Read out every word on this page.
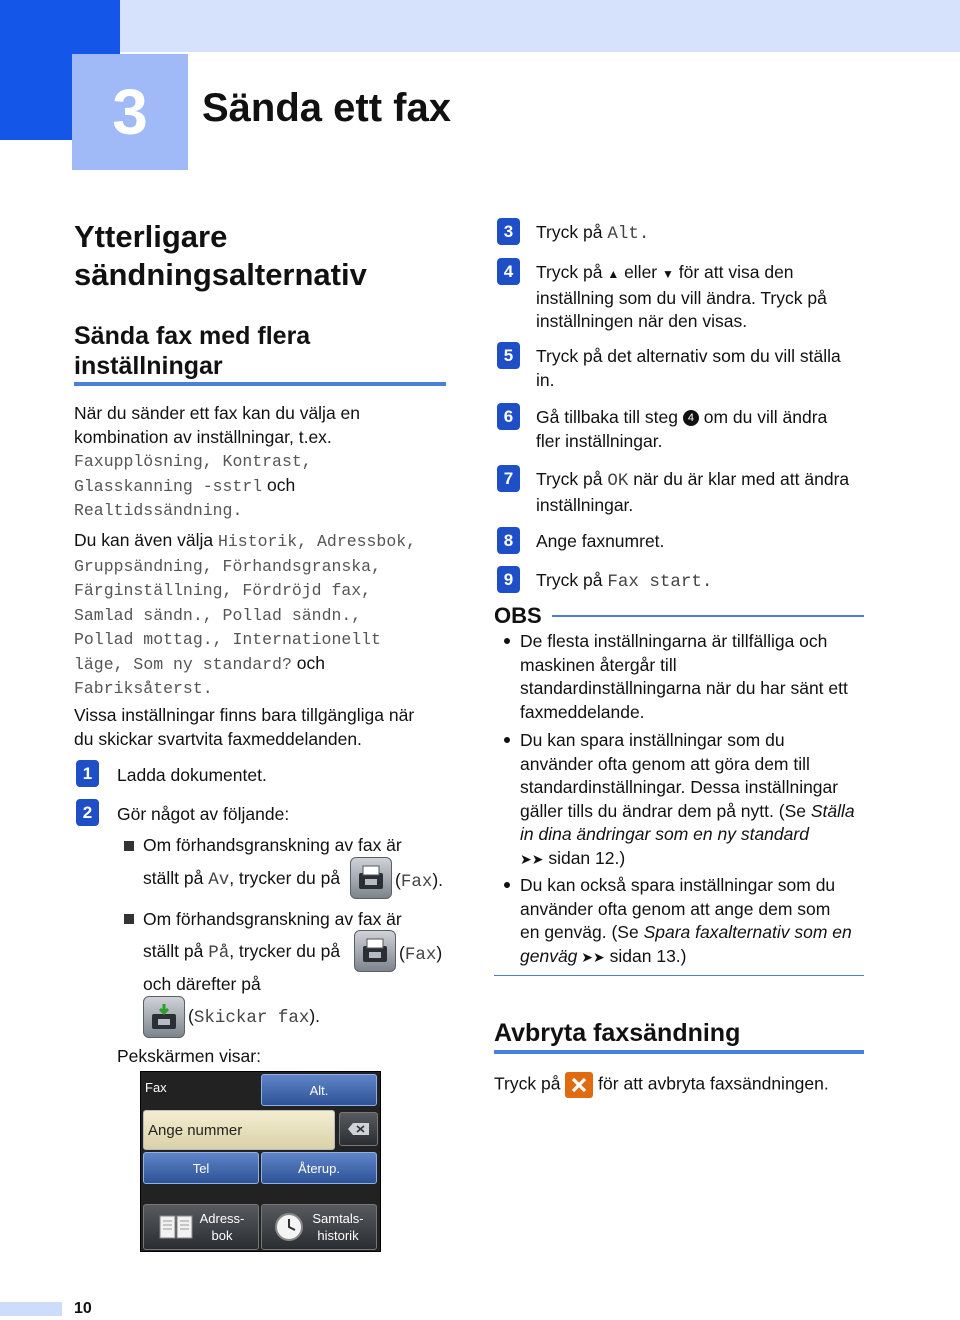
3	Sända ett fax
Ytterligare
sändningsalternativ
Sända fax med flera
inställningar
När du sänder ett fax kan du välja en
kombination av inställningar, t.ex.
Faxupplösning, Kontrast,
Glasskanning -sstrl och
Realtidssändning.
Du kan även välja Historik, Adressbok,
Gruppsändning, Förhandsgranska,
Färginställning, Fördröjd fax,
Samlad sändn., Pollad sändn.,
Pollad mottag., Internationellt
läge, Som ny standard? och
Fabriksåterst.
Vissa inställningar finns bara tillgängliga när
du skickar svartvita faxmeddelanden.
1	Ladda dokumentet.
2	Gör något av följande:
Om förhandsgranskning av fax är
ställt på Av, trycker du på	(Fax).
Om förhandsgranskning av fax är
ställt på På, trycker du på	(Fax)
och därefter på
(Skickar fax).
Pekskärmen visar:
Fax	Alt.
Ange nummer
Tel	Återup.
Adress-
bok
Samtals-
historik
3	Tryck på Alt.
4	Tryck på ▲ eller ▼ för att visa den
inställning som du vill ändra. Tryck på
inställningen när den visas.
5	Tryck på det alternativ som du vill ställa
in.
6	Gå tillbaka till steg 4 om du vill ändra
fler inställningar.
7	Tryck på OK när du är klar med att ändra
inställningar.
8	Ange faxnumret.
9	Tryck på Fax start.
OBS
De flesta inställningarna är tillfälliga och
maskinen återgår till
standardinställningarna när du har sänt ett
faxmeddelande.
Du kan spara inställningar som du
använder ofta genom att göra dem till
standardinställningar. Dessa inställningar
gäller tills du ändrar dem på nytt. (Se Ställa
in dina ändringar som en ny standard
➤➤ sidan 12.)
Du kan också spara inställningar som du
använder ofta genom att ange dem som
en genväg. (Se Spara faxalternativ som en
genväg ➤➤ sidan 13.)
Avbryta faxsändning
Tryck på
för att avbryta faxsändningen.
10
